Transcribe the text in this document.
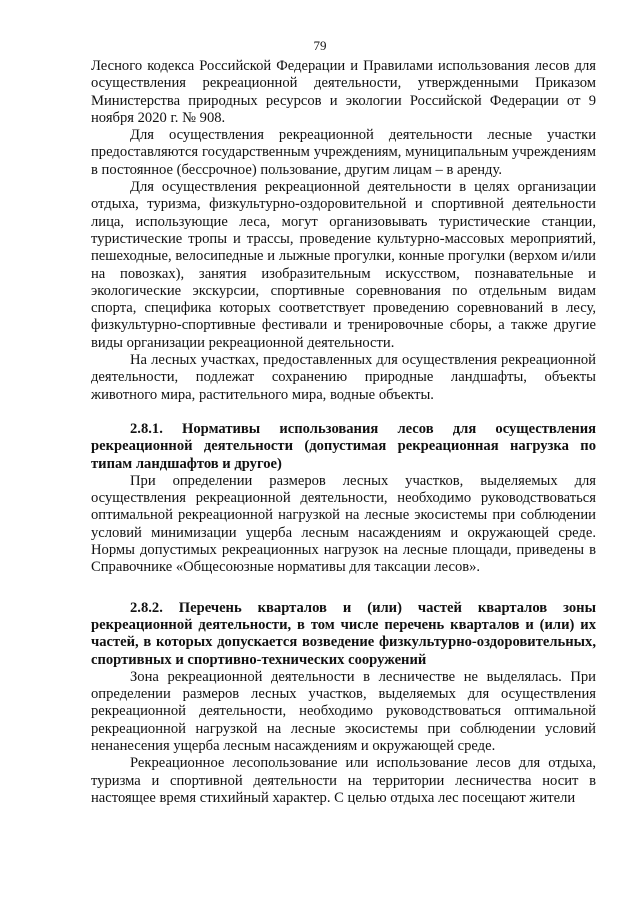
79

Лесного кодекса Российской Федерации и Правилами использования лесов для осуществления рекреационной деятельности, утвержденными Приказом Министерства природных ресурсов и экологии Российской Федерации от 9 ноября 2020 г. № 908.

Для осуществления рекреационной деятельности лесные участки предоставляются государственным учреждениям, муниципальным учреждениям в постоянное (бессрочное) пользование, другим лицам – в аренду.

Для осуществления рекреационной деятельности в целях организации отдыха, туризма, физкультурно-оздоровительной и спортивной деятельности лица, использующие леса, могут организовывать туристические станции, туристические тропы и трассы, проведение культурно-массовых мероприятий, пешеходные, велосипедные и лыжные прогулки, конные прогулки (верхом и/или на повозках), занятия изобразительным искусством, познавательные и экологические экскурсии, спортивные соревнования по отдельным видам спорта, специфика которых соответствует проведению соревнований в лесу, физкультурно-спортивные фестивали и тренировочные сборы, а также другие виды организации рекреационной деятельности.

На лесных участках, предоставленных для осуществления рекреационной деятельности, подлежат сохранению природные ландшафты, объекты животного мира, растительного мира, водные объекты.

2.8.1. Нормативы использования лесов для осуществления рекреационной деятельности (допустимая рекреационная нагрузка по типам ландшафтов и другое)

При определении размеров лесных участков, выделяемых для осуществления рекреационной деятельности, необходимо руководствоваться оптимальной рекреационной нагрузкой на лесные экосистемы при соблюдении условий минимизации ущерба лесным насаждениям и окружающей среде. Нормы допустимых рекреационных нагрузок на лесные площади, приведены в Справочнике «Общесоюзные нормативы для таксации лесов».

2.8.2. Перечень кварталов и (или) частей кварталов зоны рекреационной деятельности, в том числе перечень кварталов и (или) их частей, в которых допускается возведение физкультурно-оздоровительных, спортивных и спортивно-технических сооружений

Зона рекреационной деятельности в лесничестве не выделялась. При определении размеров лесных участков, выделяемых для осуществления рекреационной деятельности, необходимо руководствоваться оптимальной рекреационной нагрузкой на лесные экосистемы при соблюдении условий ненанесения ущерба лесным насаждениям и окружающей среде.

Рекреационное лесопользование или использование лесов для отдыха, туризма и спортивной деятельности на территории лесничества носит в настоящее время стихийный характер. С целью отдыха лес посещают жители
